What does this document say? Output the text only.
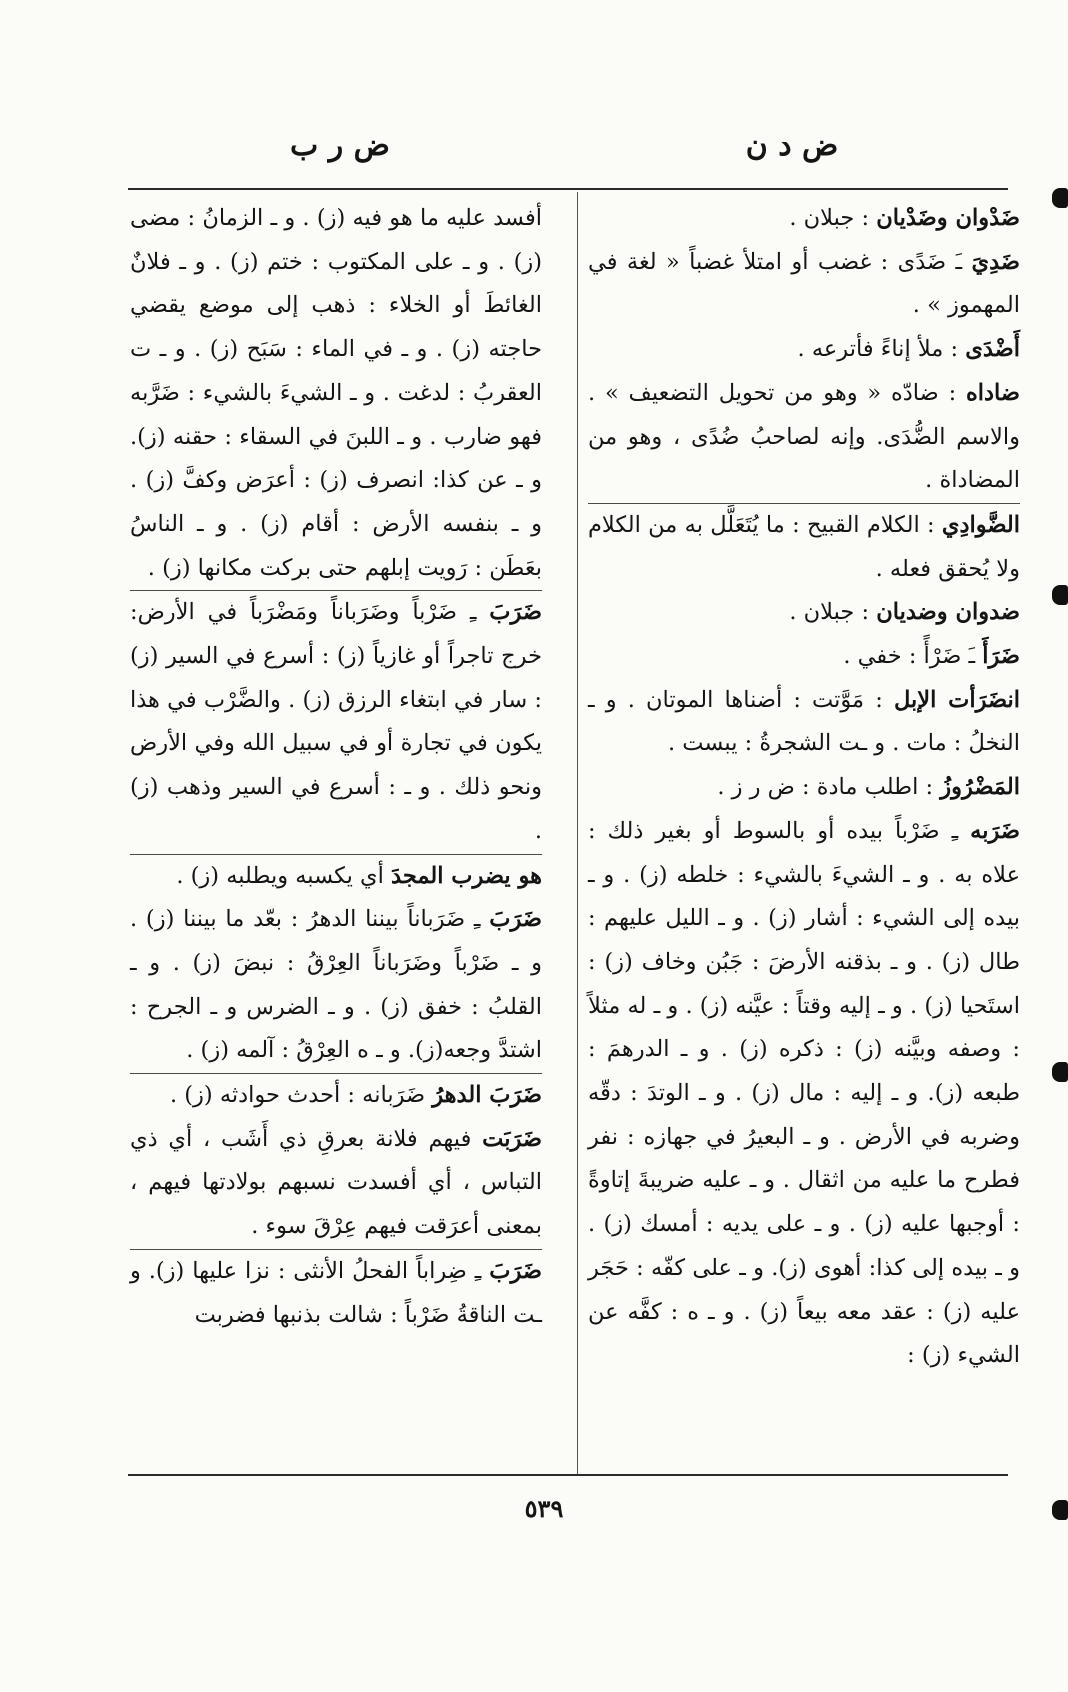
ض د ن
ض ر ب

ضَدْوان وضَدْيان : جبلان .

ضَدِيَ ـَ ضَدًى : غضب أو امتلأ غضباً « لغة في المهموز » .

أَضْدَى : ملأ إناءً فأترعه .

ضاداه : ضادّه « وهو من تحويل التضعيف » . والاسم الضُّدَى. وإنه لصاحبُ ضُدًى ، وهو من المضاداة .

الضَّوادِي : الكلام القبيح : ما يُتَعَلَّل به من الكلام ولا يُحقق فعله .

ضدوان وضديان : جبلان .

ضَرَأَ ـَ ضَرْأً : خفي .

انضَرَأت الإبل : مَوَّتت : أضناها الموتان . و ـ النخلُ : مات . و ـت الشجرةُ : يبست .

المَضْرُوزُ : اطلب مادة : ض ر ز .

ضَرَبه ـِ ضَرْباً بيده أو بالسوط أو بغير ذلك : علاه به . و ـ الشيءَ بالشيء : خلطه (ز) . و ـ بيده إلى الشيء : أشار (ز) . و ـ الليل عليهم : طال (ز) . و ـ بذقنه الأرضَ : جَبُن وخاف (ز) : استَحيا (ز) . و ـ إليه وقتاً : عيَّنه (ز) . و ـ له مثلاً : وصفه وبيَّنه (ز) : ذكره (ز) . و ـ الدرهمَ : طبعه (ز). و ـ إليه : مال (ز) . و ـ الوتدَ : دقّه وضربه في الأرض . و ـ البعيرُ في جهازه : نفر فطرح ما عليه من اثقال . و ـ عليه ضريبةَ إتاوةً : أوجبها عليه (ز) . و ـ على يديه : أمسك (ز) . و ـ بيده إلى كذا: أهوى (ز). و ـ على كفّه : حَجَر عليه (ز) : عقد معه بيعاً (ز) . و ـ ه : كفَّه عن الشيء (ز) :

أفسد عليه ما هو فيه (ز) . و ـ الزمانُ : مضى (ز) . و ـ على المكتوب : ختم (ز) . و ـ فلانٌ الغائطَ أو الخلاء : ذهب إلى موضع يقضي حاجته (ز) . و ـ في الماء : سَبَح (ز) . و ـ ت العقربُ : لدغت . و ـ الشيءَ بالشيء : ضَرَّبه فهو ضارب . و ـ اللبنَ في السقاء : حقنه (ز). و ـ عن كذا: انصرف (ز) : أعرَض وكفَّ (ز) . و ـ بنفسه الأرض : أقام (ز) . و ـ الناسُ بعَطَن : رَويت إبلهم حتى بركت مكانها (ز) .

ضَرَبَ ـِ ضَرْباً وضَرَباناً ومَضْرَباً في الأرض: خرج تاجراً أو غازياً (ز) : أسرع في السير (ز) : سار في ابتغاء الرزق (ز) . والضَّرْب في هذا يكون في تجارة أو في سبيل الله وفي الأرض ونحو ذلك . و ـ : أسرع في السير وذهب (ز) .

هو يضرب المجدَ أي يكسبه ويطلبه (ز) .

ضَرَبَ ـِ ضَرَباناً بيننا الدهرُ : بعّد ما بيننا (ز) . و ـ ضَرْباً وضَرَباناً العِرْقُ : نبضَ (ز) . و ـ القلبُ : خفق (ز) . و ـ الضرس و ـ الجرح : اشتدَّ وجعه(ز). و ـ ه العِرْقُ : آلمه (ز) .

ضَرَبَ الدهرُ ضَرَبانه : أحدث حوادثه (ز) .

ضَرَبَت فيهم فلانة بعرقِ ذي أَشَب ، أي ذي التباس ، أي أفسدت نسبهم بولادتها فيهم ، بمعنى أعرَقت فيهم عِرْقَ سوء .

ضَرَبَ ـِ ضِراباً الفحلُ الأنثى : نزا عليها (ز). و ـت الناقةُ ضَرْباً : شالت بذنبها فضربت

٥٣٩
